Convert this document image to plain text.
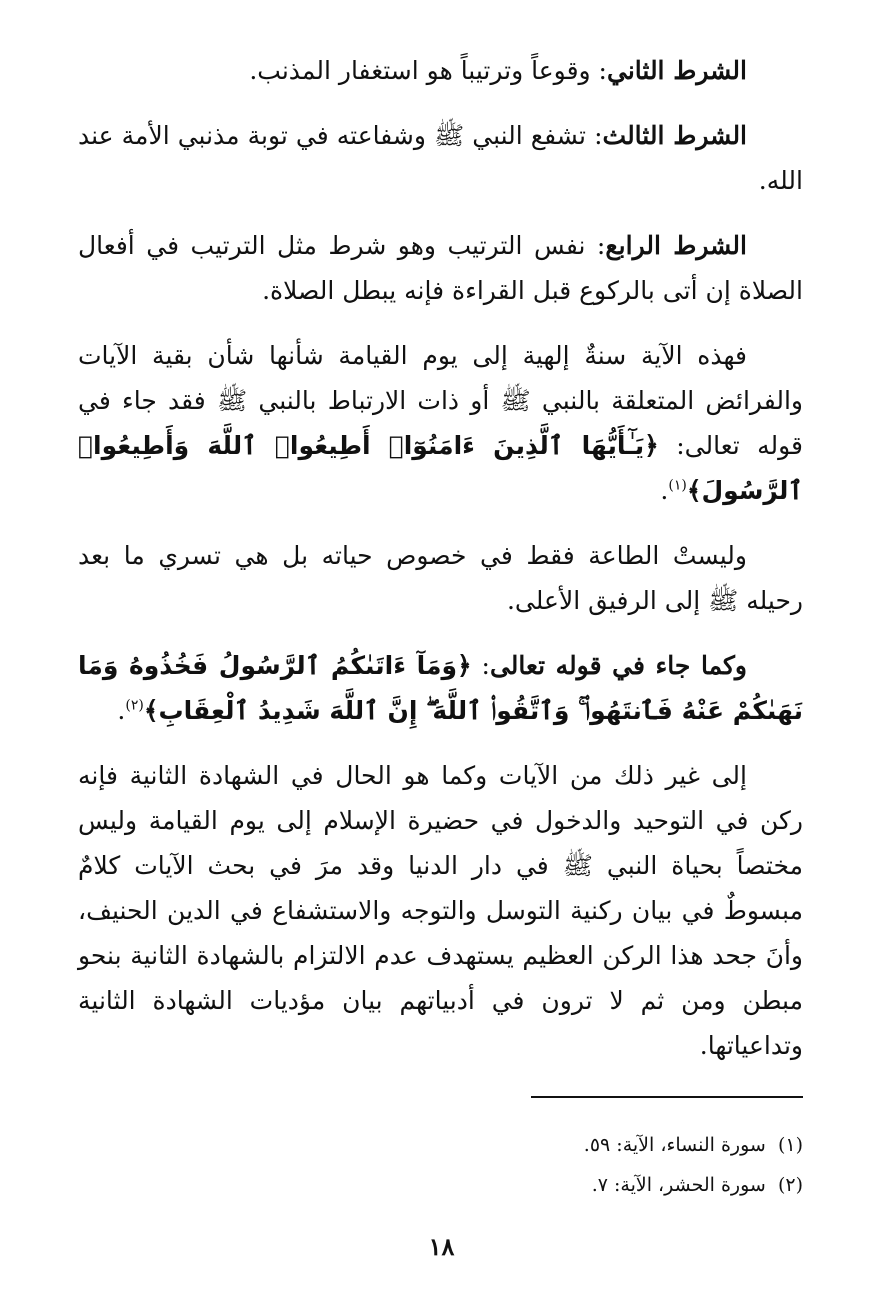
الشرط الثاني: وقوعاً وترتيباً هو استغفار المذنب.

الشرط الثالث: تشفع النبي ﷺ وشفاعته في توبة مذنبي الأمة عند الله.

الشرط الرابع: نفس الترتيب وهو شرط مثل الترتيب في أفعال الصلاة إن أتى بالركوع قبل القراءة فإنه يبطل الصلاة.

فهذه الآية سنةٌ إلهية إلى يوم القيامة شأنها شأن بقية الآيات والفرائض المتعلقة بالنبي ﷺ أو ذات الارتباط بالنبي ﷺ فقد جاء في قوله تعالى: ﴿يَـٰٓأَيُّهَا ٱلَّذِينَ ءَامَنُوٓا۟ أَطِيعُوا۟ ٱللَّهَ وَأَطِيعُوا۟ ٱلرَّسُولَ﴾$^{(١)}$.

وليستْ الطاعة فقط في خصوص حياته بل هي تسري ما بعد رحيله ﷺ إلى الرفيق الأعلى.

وكما جاء في قوله تعالى: ﴿وَمَآ ءَاتَىٰكُمُ ٱلرَّسُولُ فَخُذُوهُ وَمَا نَهَىٰكُمْ عَنْهُ فَٱنتَهُوا۟ ۚ وَٱتَّقُوا۟ ٱللَّهَ ۖ إِنَّ ٱللَّهَ شَدِيدُ ٱلْعِقَابِ﴾$^{(٢)}$.

إلى غير ذلك من الآيات وكما هو الحال في الشهادة الثانية فإنه ركن في التوحيد والدخول في حضيرة الإسلام إلى يوم القيامة وليس مختصاً بحياة النبي ﷺ في دار الدنيا وقد مرَ في بحث الآيات كلامٌ مبسوطٌ في بيان ركنية التوسل والتوجه والاستشفاع في الدين الحنيف، وأنَ جحد هذا الركن العظيم يستهدف عدم الالتزام بالشهادة الثانية بنحو مبطن ومن ثم لا ترون في أدبياتهم بيان مؤديات الشهادة الثانية وتداعياتها.

(١)  سورة النساء، الآية: ٥٩.
(٢)  سورة الحشر، الآية: ٧.
١٨
